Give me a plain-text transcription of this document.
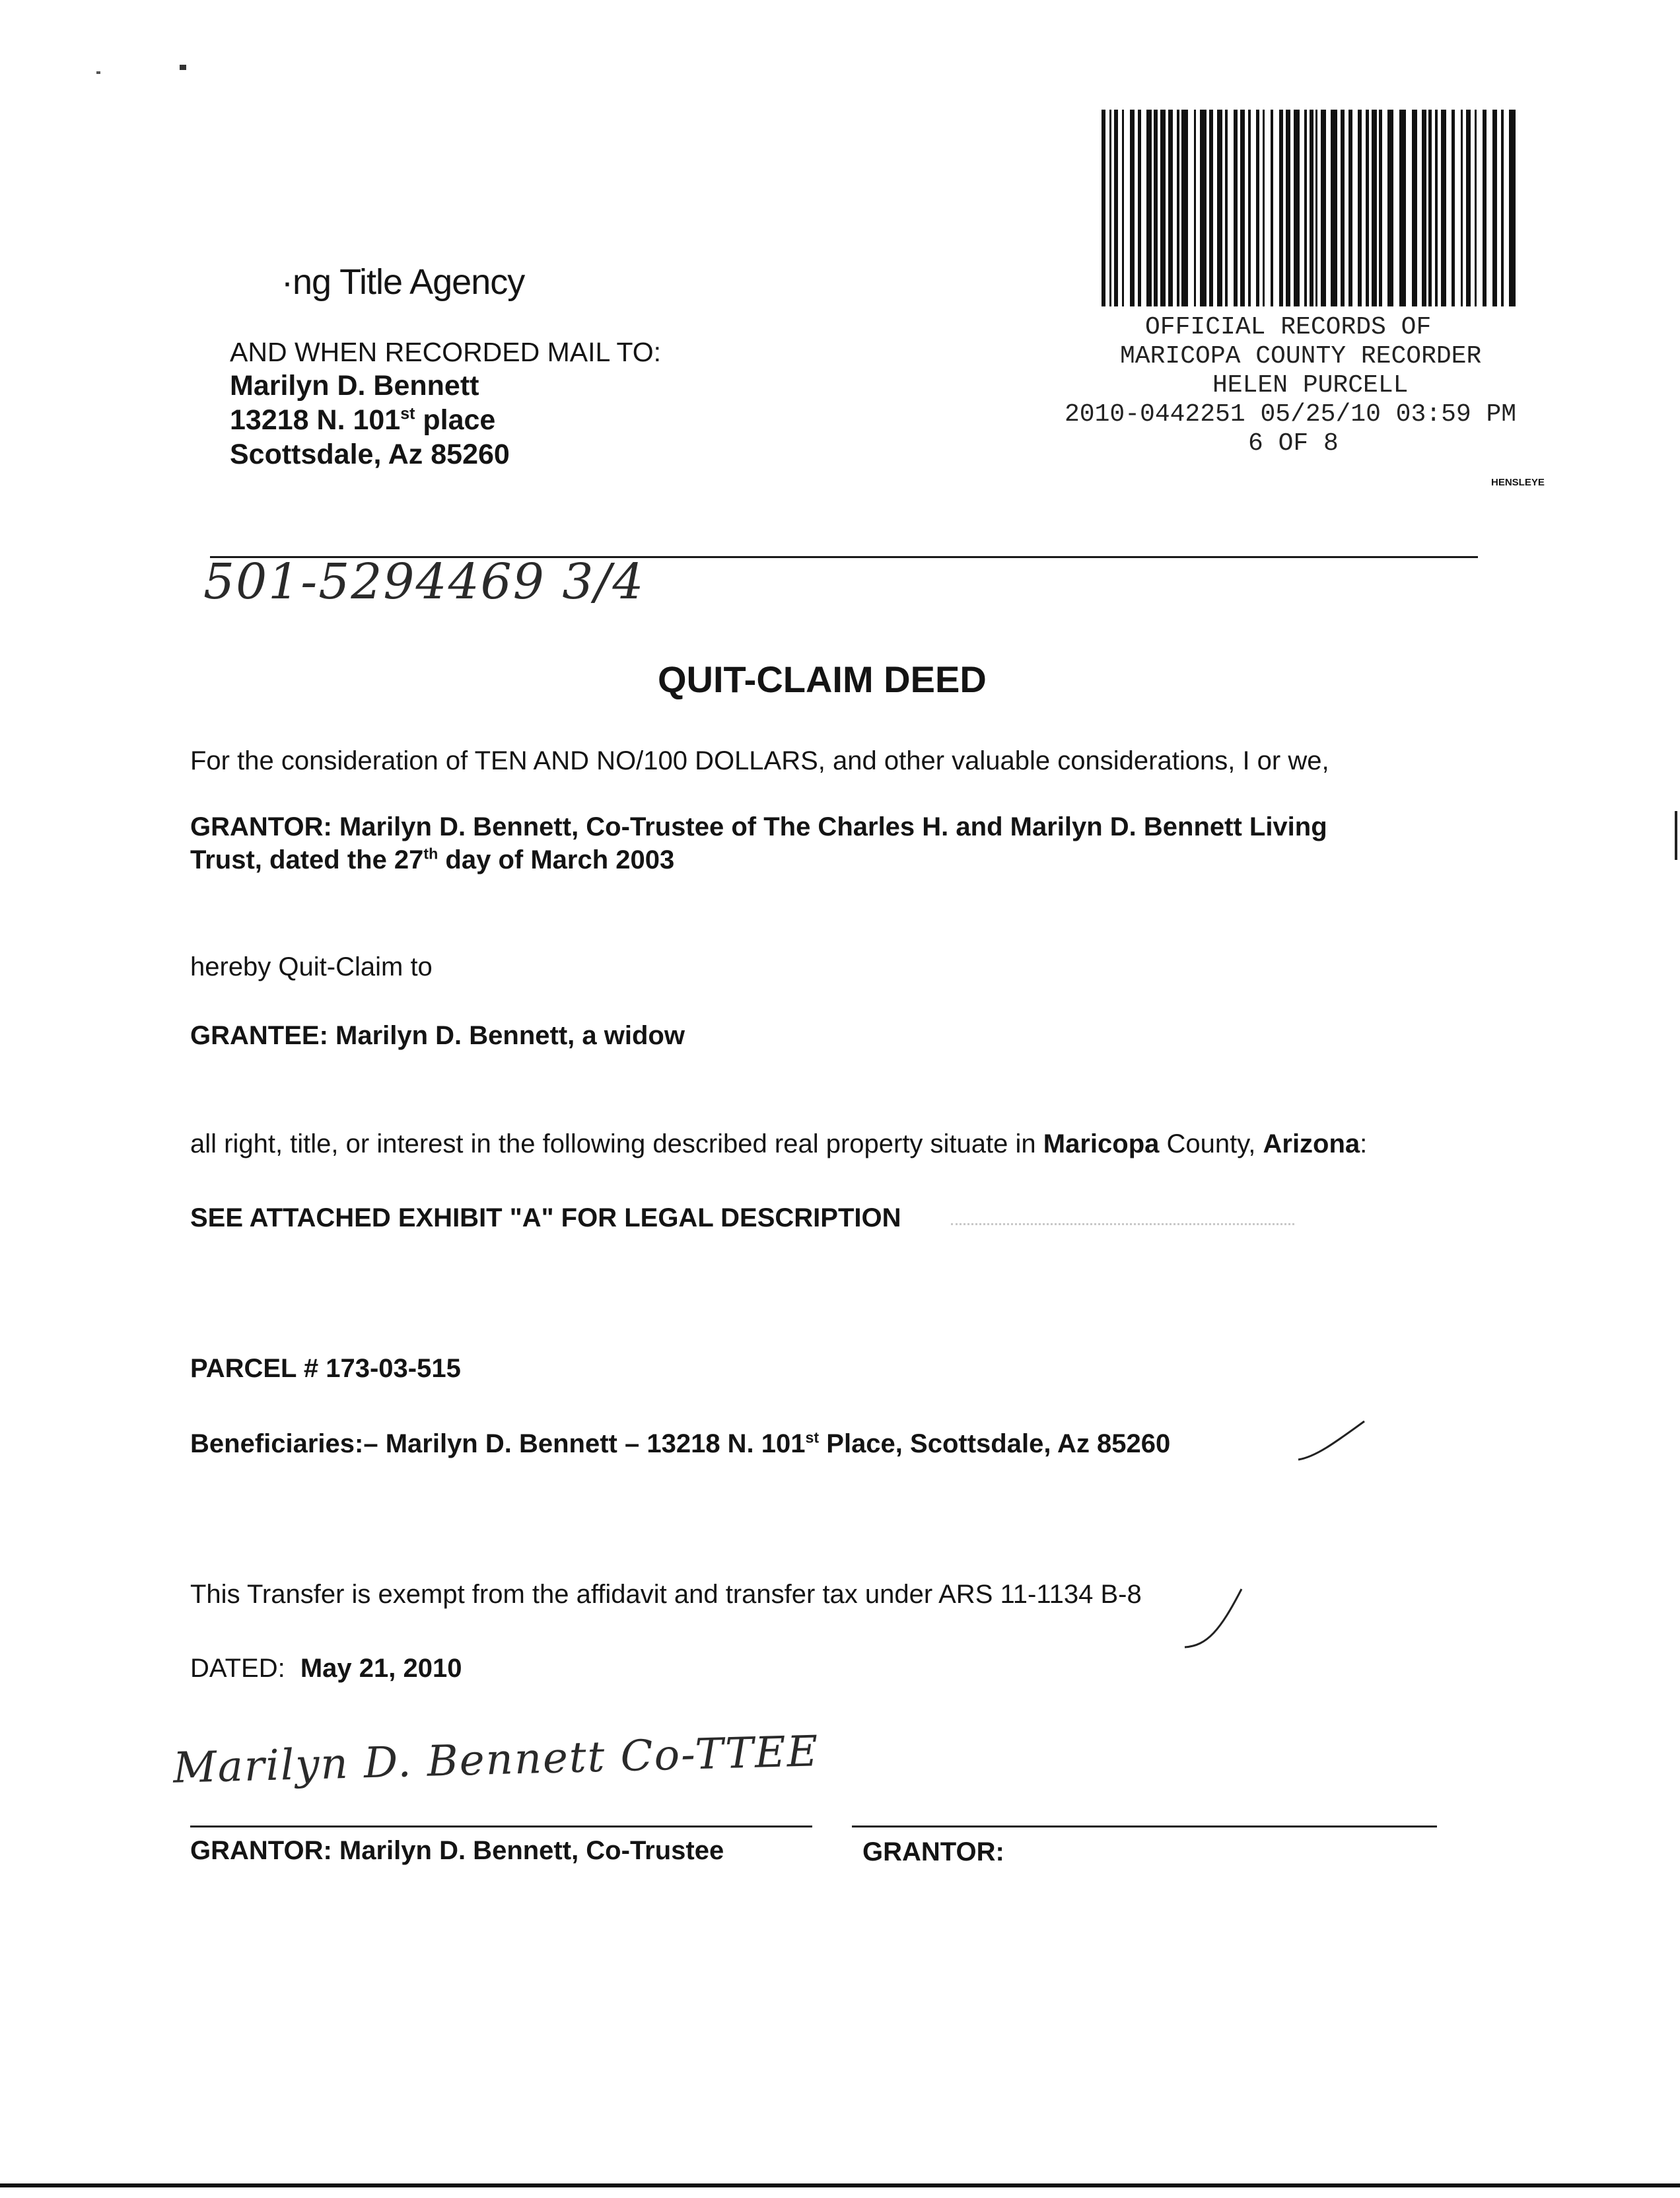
·ng Title Agency
AND WHEN RECORDED MAIL TO:
Marilyn D. Bennett
13218 N. 101st place
Scottsdale, Az 85260
OFFICIAL RECORDS OF
MARICOPA COUNTY RECORDER
HELEN PURCELL
2010-0442251 05/25/10 03:59 PM
6 OF 8
HENSLEYE
501-5294469 3/4
QUIT-CLAIM DEED
For the consideration of TEN AND NO/100 DOLLARS, and other valuable considerations, I or we,
GRANTOR: Marilyn D. Bennett, Co-Trustee of The Charles H. and Marilyn D. Bennett Living
Trust, dated the 27th day of March 2003
hereby Quit-Claim to
GRANTEE: Marilyn D. Bennett, a widow
all right, title, or interest in the following described real property situate in Maricopa County, Arizona:
SEE ATTACHED EXHIBIT "A" FOR LEGAL DESCRIPTION
PARCEL # 173-03-515
Beneficiaries:– Marilyn D. Bennett – 13218 N. 101st Place, Scottsdale, Az 85260
This Transfer is exempt from the affidavit and transfer tax under ARS 11-1134 B-8
DATED: May 21, 2010
Marilyn D. Bennett Co-TTEE
GRANTOR: Marilyn D. Bennett, Co-Trustee	GRANTOR:
